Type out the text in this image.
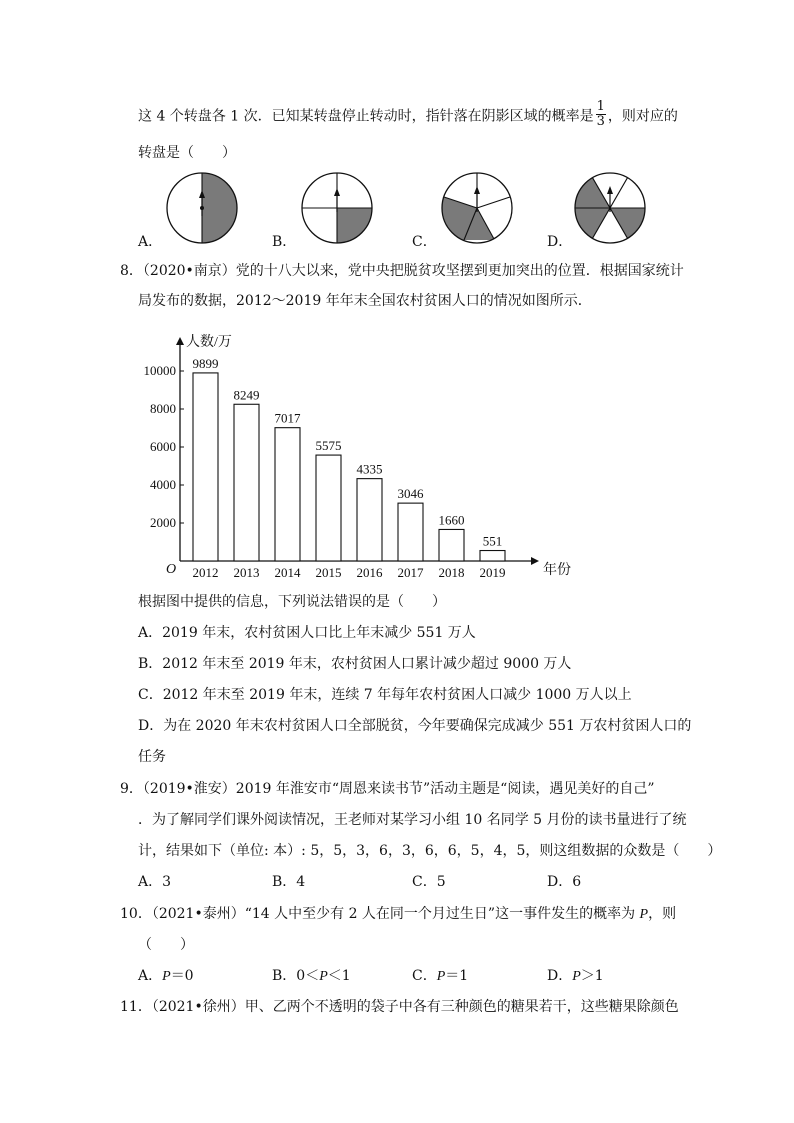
这 4 个转盘各 1 次．已知某转盘停止转动时，指针落在阴影区域的概率是 $\frac{1}{3}$ ，则对应的
转盘是（　　）
A．	B．	C．	D．
8．（2020•南京）党的十八大以来，党中央把脱贫攻坚摆到更加突出的位置．根据国家统计
局发布的数据，2012～2019 年年末全国农村贫困人口的情况如图所示．
人数/万
年份
O
2000
4000
6000
8000
10000 9899
2012
8249
2013
7017
2014
5575
2015
4335
2016
3046
2017
1660
2018
551
2019
根据图中提供的信息，下列说法错误的是（　　）
A．2019 年末，农村贫困人口比上年末减少 551 万人
B．2012 年末至 2019 年末，农村贫困人口累计减少超过 9000 万人
C．2012 年末至 2019 年末，连续 7 年每年农村贫困人口减少 1000 万人以上
D．为在 2020 年末农村贫困人口全部脱贫，今年要确保完成减少 551 万农村贫困人口的
任务
9．（2019•淮安）2019 年淮安市“周恩来读书节”活动主题是“阅读，遇见美好的自己”
．为了解同学们课外阅读情况，王老师对某学习小组 10 名同学 5 月份的读书量进行了统
计，结果如下（单位: 本）: 5，5，3，6，3，6，6，5，4，5，则这组数据的众数是（　　）
A．3	B．4	C．5	D．6
10．（2021•泰州）“14 人中至少有 2 人在同一个月过生日”这一事件发生的概率为 P，则
（　　）
A．P＝0	B．0＜P＜1	C．P＝1	D．P＞1
11．（2021•徐州）甲、乙两个不透明的袋子中各有三种颜色的糖果若干，这些糖果除颜色
